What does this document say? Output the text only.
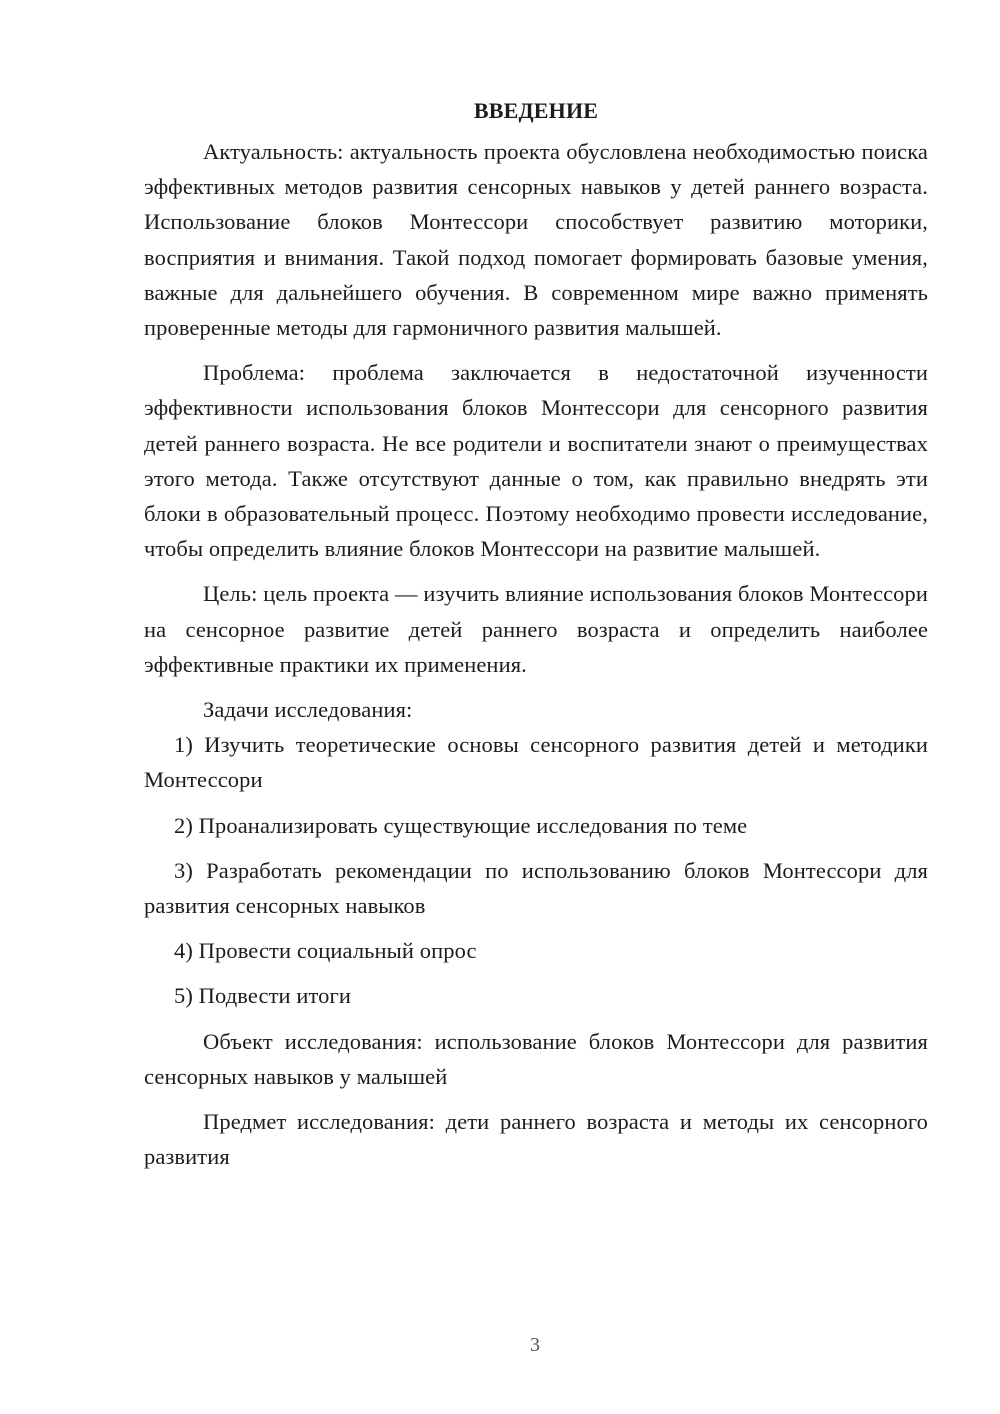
ВВЕДЕНИЕ

Актуальность: актуальность проекта обусловлена необходимостью поиска эффективных методов развития сенсорных навыков у детей раннего возраста. Использование блоков Монтессори способствует развитию моторики, восприятия и внимания. Такой подход помогает формировать базовые умения, важные для дальнейшего обучения. В современном мире важно применять проверенные методы для гармоничного развития малышей.

Проблема: проблема заключается в недостаточной изученности эффективности использования блоков Монтессори для сенсорного развития детей раннего возраста. Не все родители и воспитатели знают о преимуществах этого метода. Также отсутствуют данные о том, как правильно внедрять эти блоки в образовательный процесс. Поэтому необходимо провести исследование, чтобы определить влияние блоков Монтессори на развитие малышей.

Цель: цель проекта — изучить влияние использования блоков Монтессори на сенсорное развитие детей раннего возраста и определить наиболее эффективные практики их применения.

Задачи исследования:

1) Изучить теоретические основы сенсорного развития детей и методики Монтессори
2) Проанализировать существующие исследования по теме
3) Разработать рекомендации по использованию блоков Монтессори для развития сенсорных навыков
4) Провести социальный опрос
5) Подвести итоги

Объект исследования: использование блоков Монтессори для развития сенсорных навыков у малышей

Предмет исследования: дети раннего возраста и методы их сенсорного развития

3
